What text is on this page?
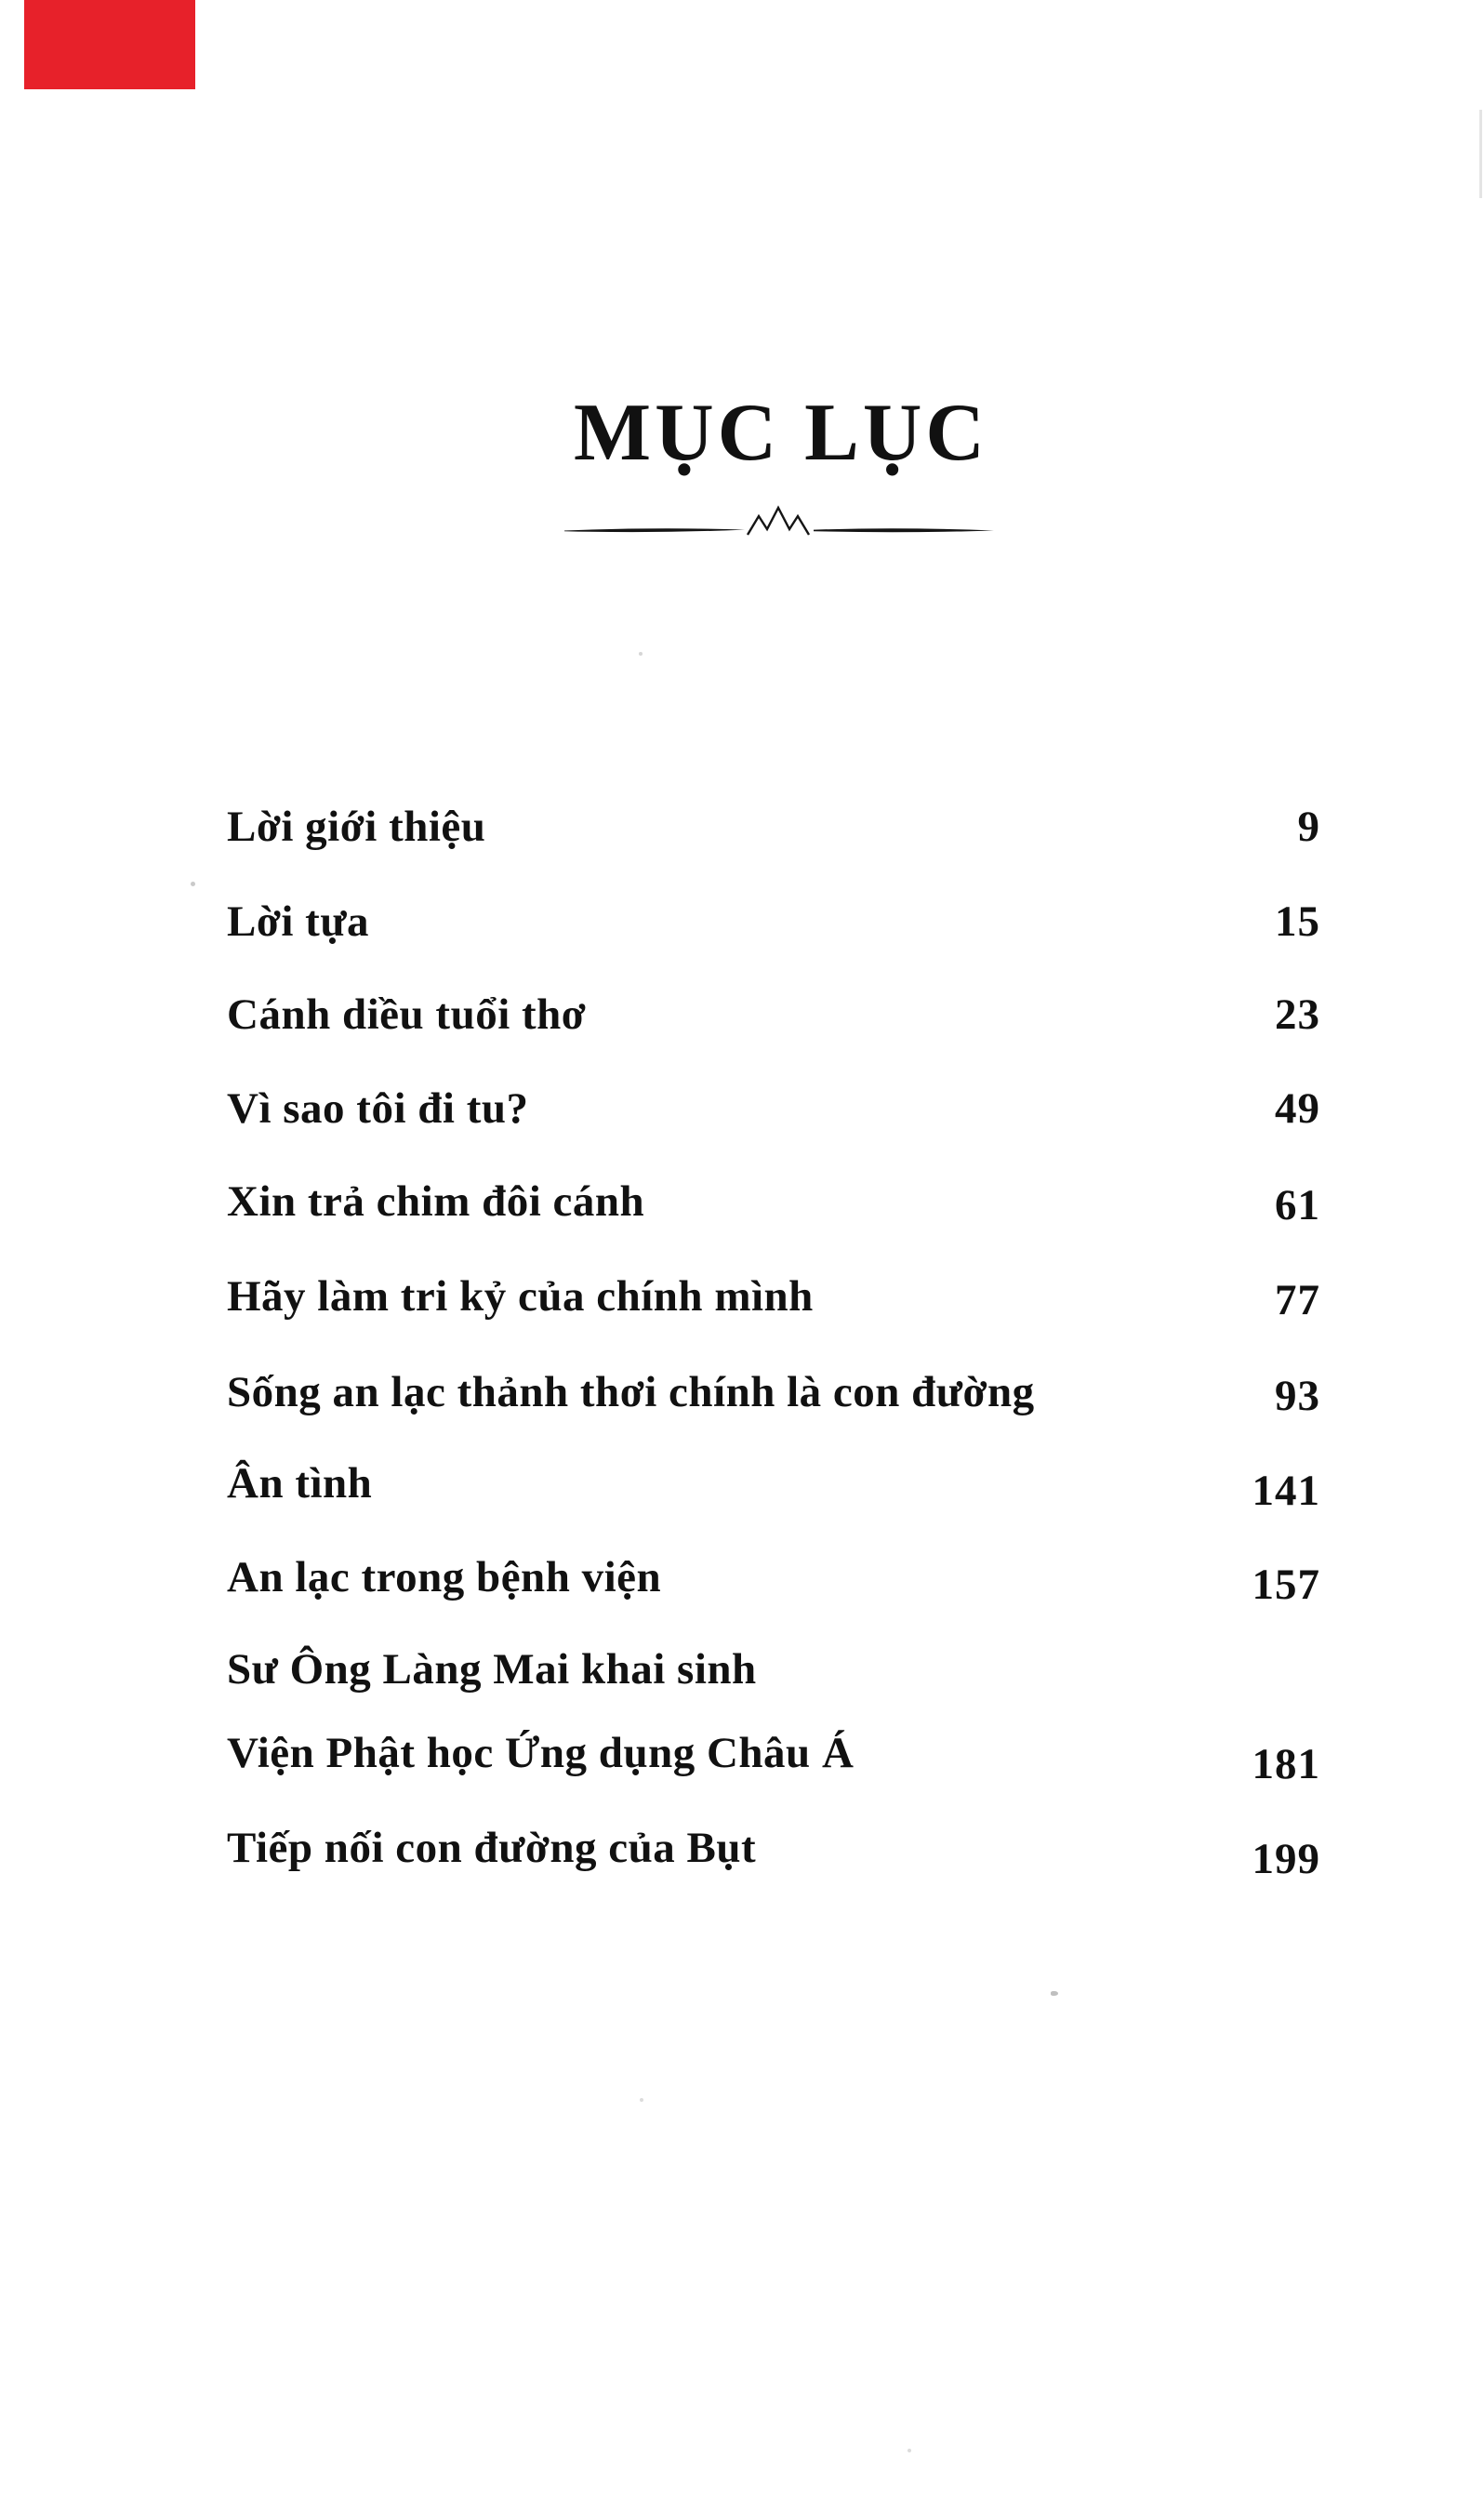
MỤC LỤC
Lời giới thiệu	9
Lời tựa	15
Cánh diều tuổi thơ	23
Vì sao tôi đi tu?	49
Xin trả chim đôi cánh	61
Hãy làm tri kỷ của chính mình	77
Sống an lạc thảnh thơi chính là con đường	93
Ân tình	141
An lạc trong bệnh viện	157
Sư Ông Làng Mai khai sinh
Viện Phật học Ứng dụng Châu Á	181
Tiếp nối con đường của Bụt	199
